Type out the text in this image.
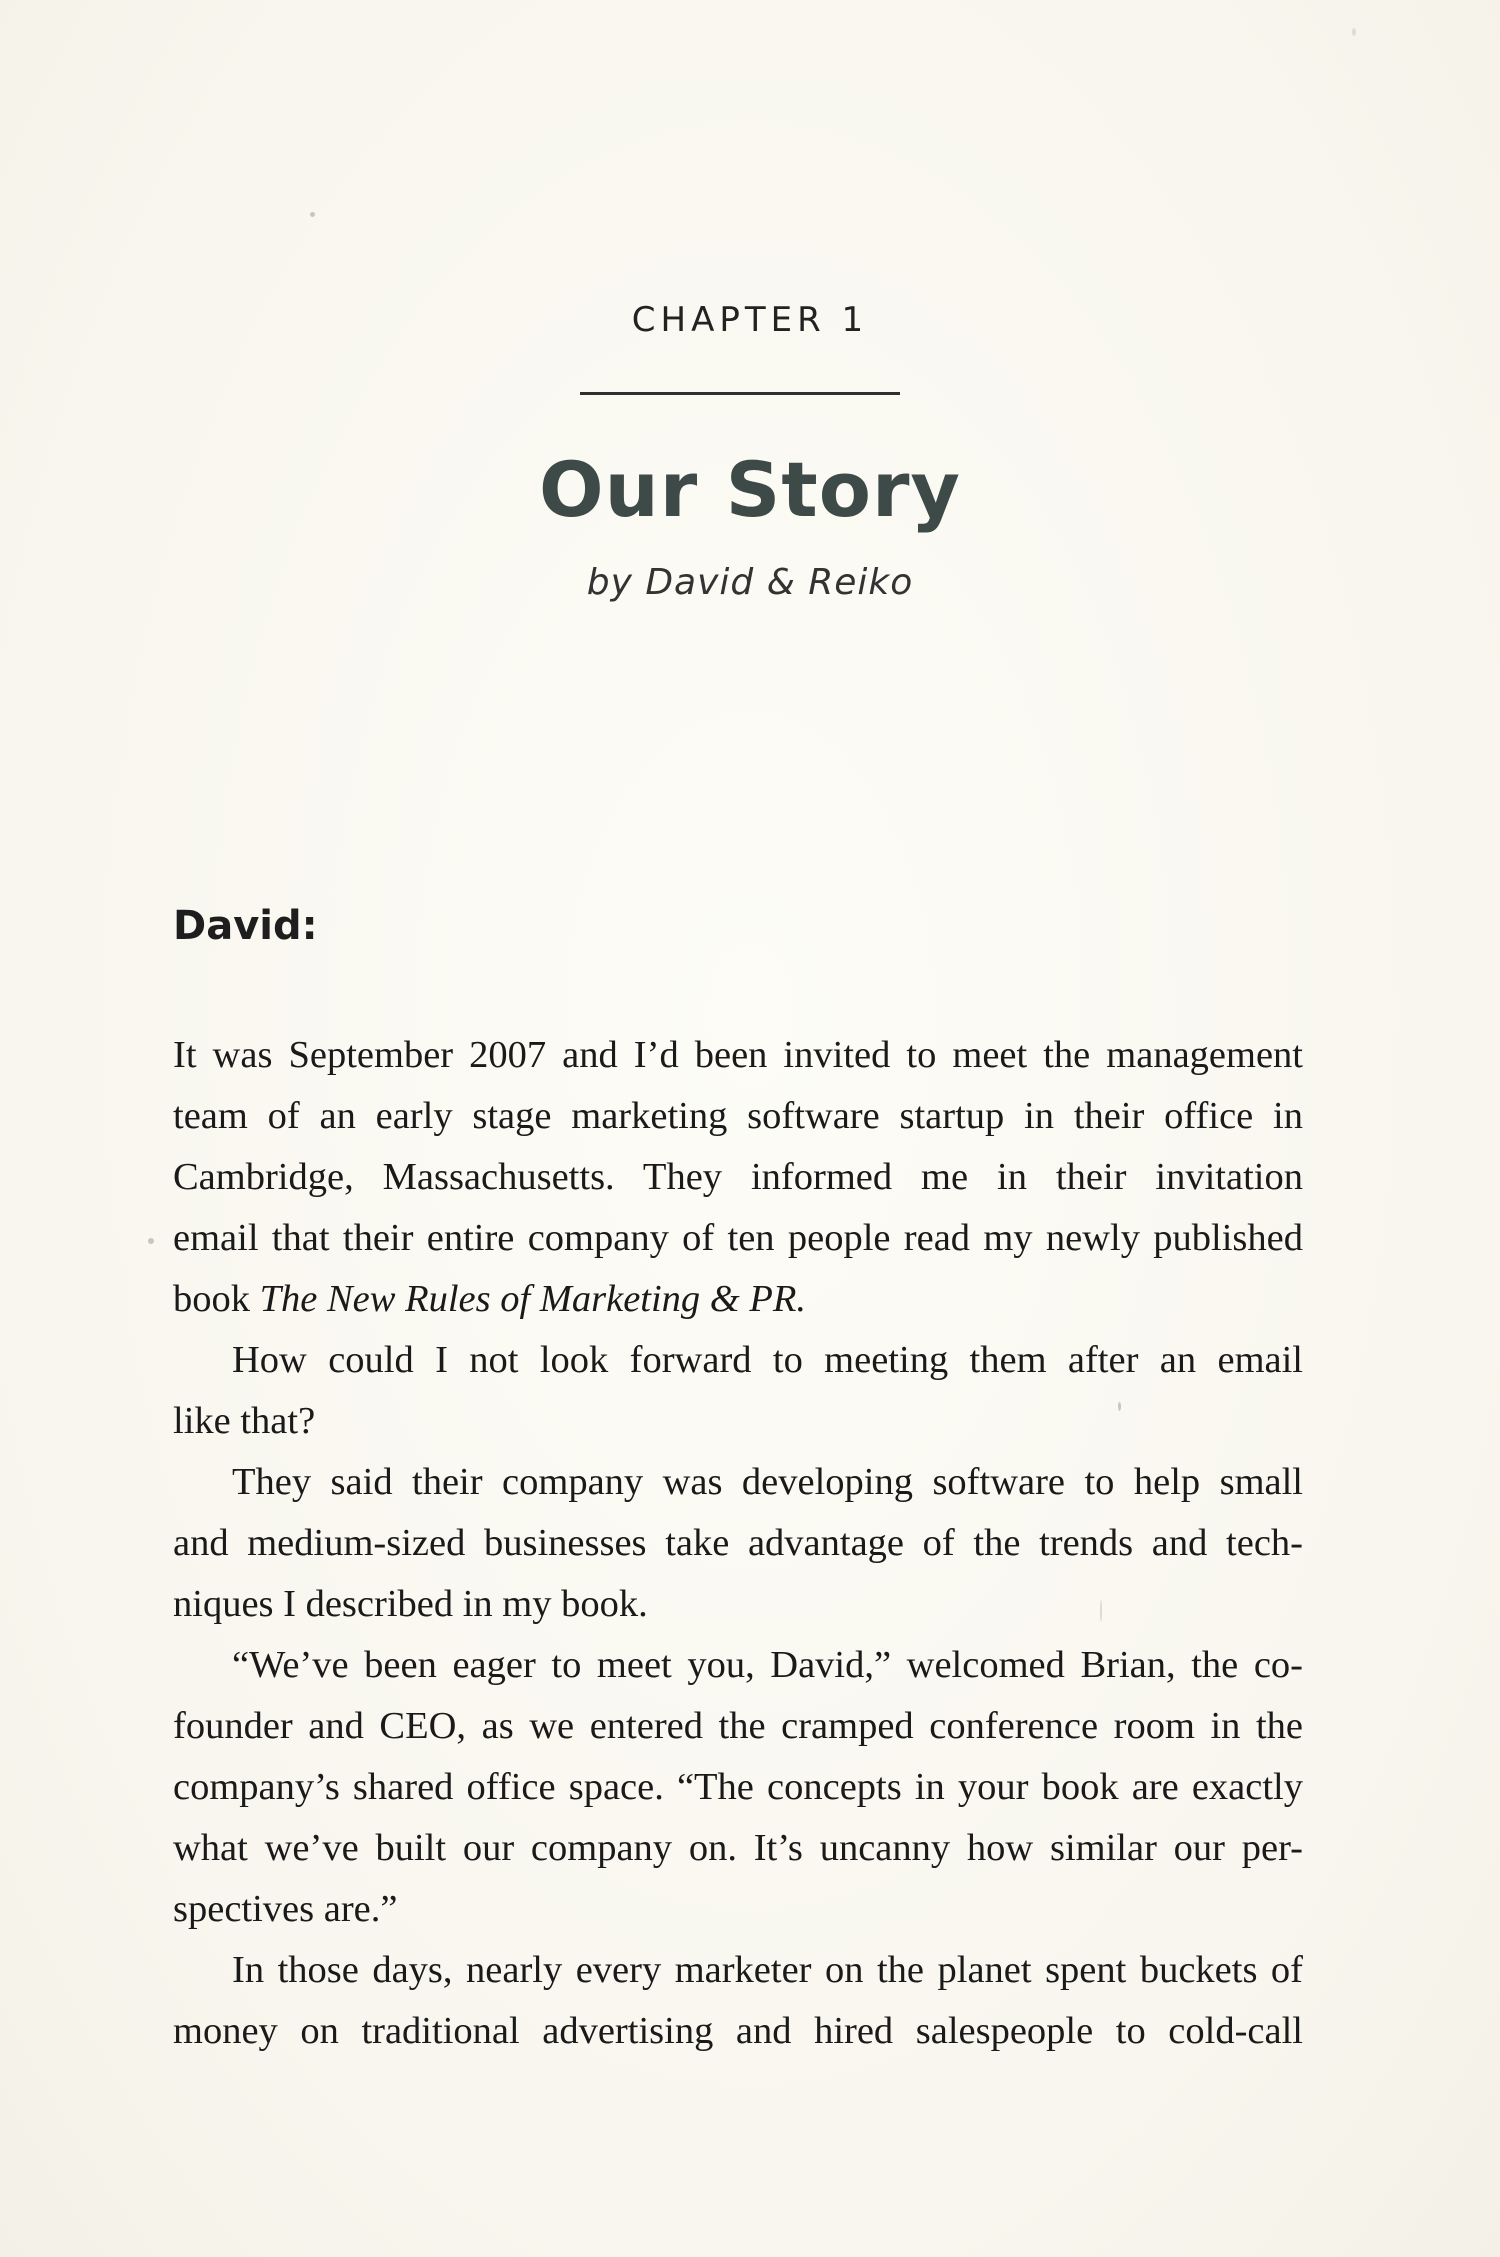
CHAPTER 1
Our Story
by David & Reiko
David:

It was September 2007 and I’d been invited to meet the management
team of an early stage marketing software startup in their office in
Cambridge, Massachusetts. They informed me in their invitation
email that their entire company of ten people read my newly published
book The New Rules of Marketing & PR.

How could I not look forward to meeting them after an email
like that?

They said their company was developing software to help small
and medium-sized businesses take advantage of the trends and tech-
niques I described in my book.

“We’ve been eager to meet you, David,” welcomed Brian, the co-
founder and CEO, as we entered the cramped conference room in the
company’s shared office space. “The concepts in your book are exactly
what we’ve built our company on. It’s uncanny how similar our per-
spectives are.”

In those days, nearly every marketer on the planet spent buckets of
money on traditional advertising and hired salespeople to cold-call
